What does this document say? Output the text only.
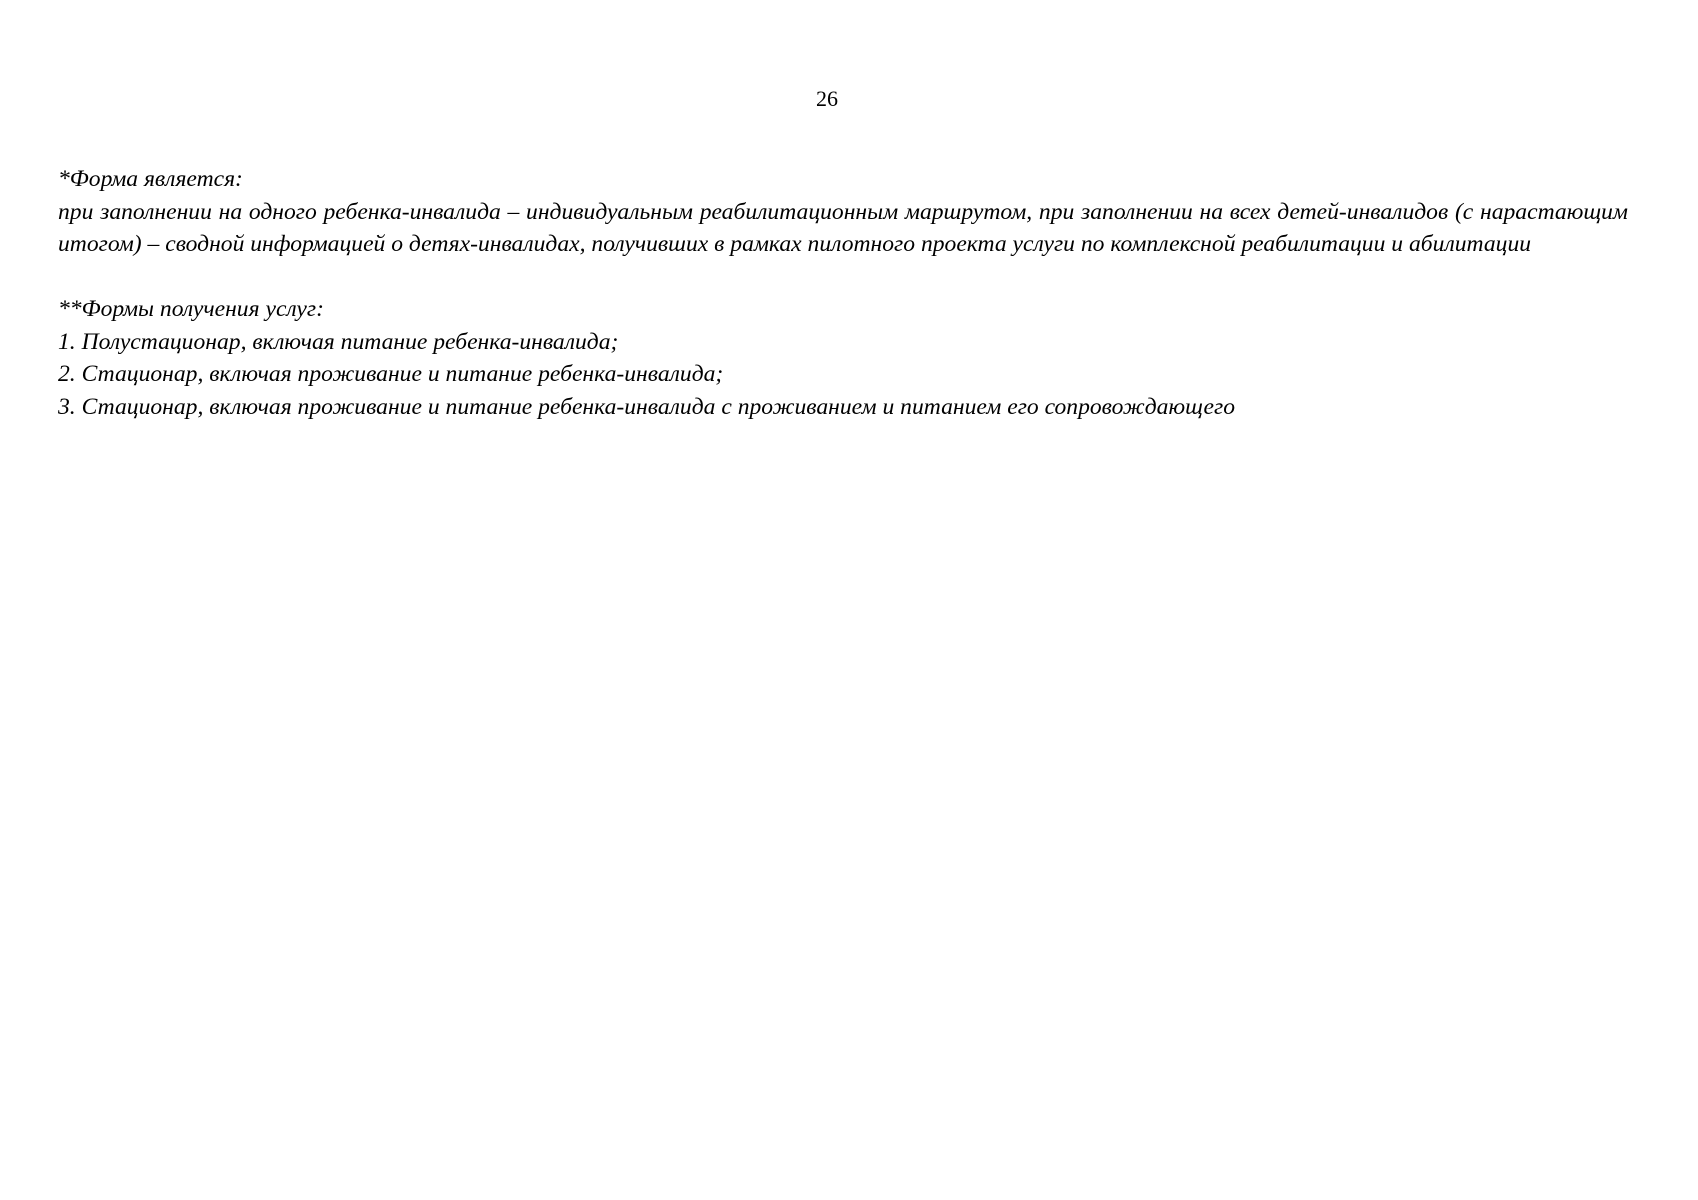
26
*Форма является:
при заполнении на одного ребенка-инвалида – индивидуальным реабилитационным маршрутом, при заполнении на всех детей-инвалидов (с нарастающим итогом) – сводной информацией о детях-инвалидах, получивших в рамках пилотного проекта услуги по комплексной реабилитации и абилитации
**Формы получения услуг:
1. Полустационар, включая питание ребенка-инвалида;
2. Стационар, включая проживание и питание ребенка-инвалида;
3. Стационар, включая проживание и питание ребенка-инвалида с проживанием и питанием его сопровождающего
